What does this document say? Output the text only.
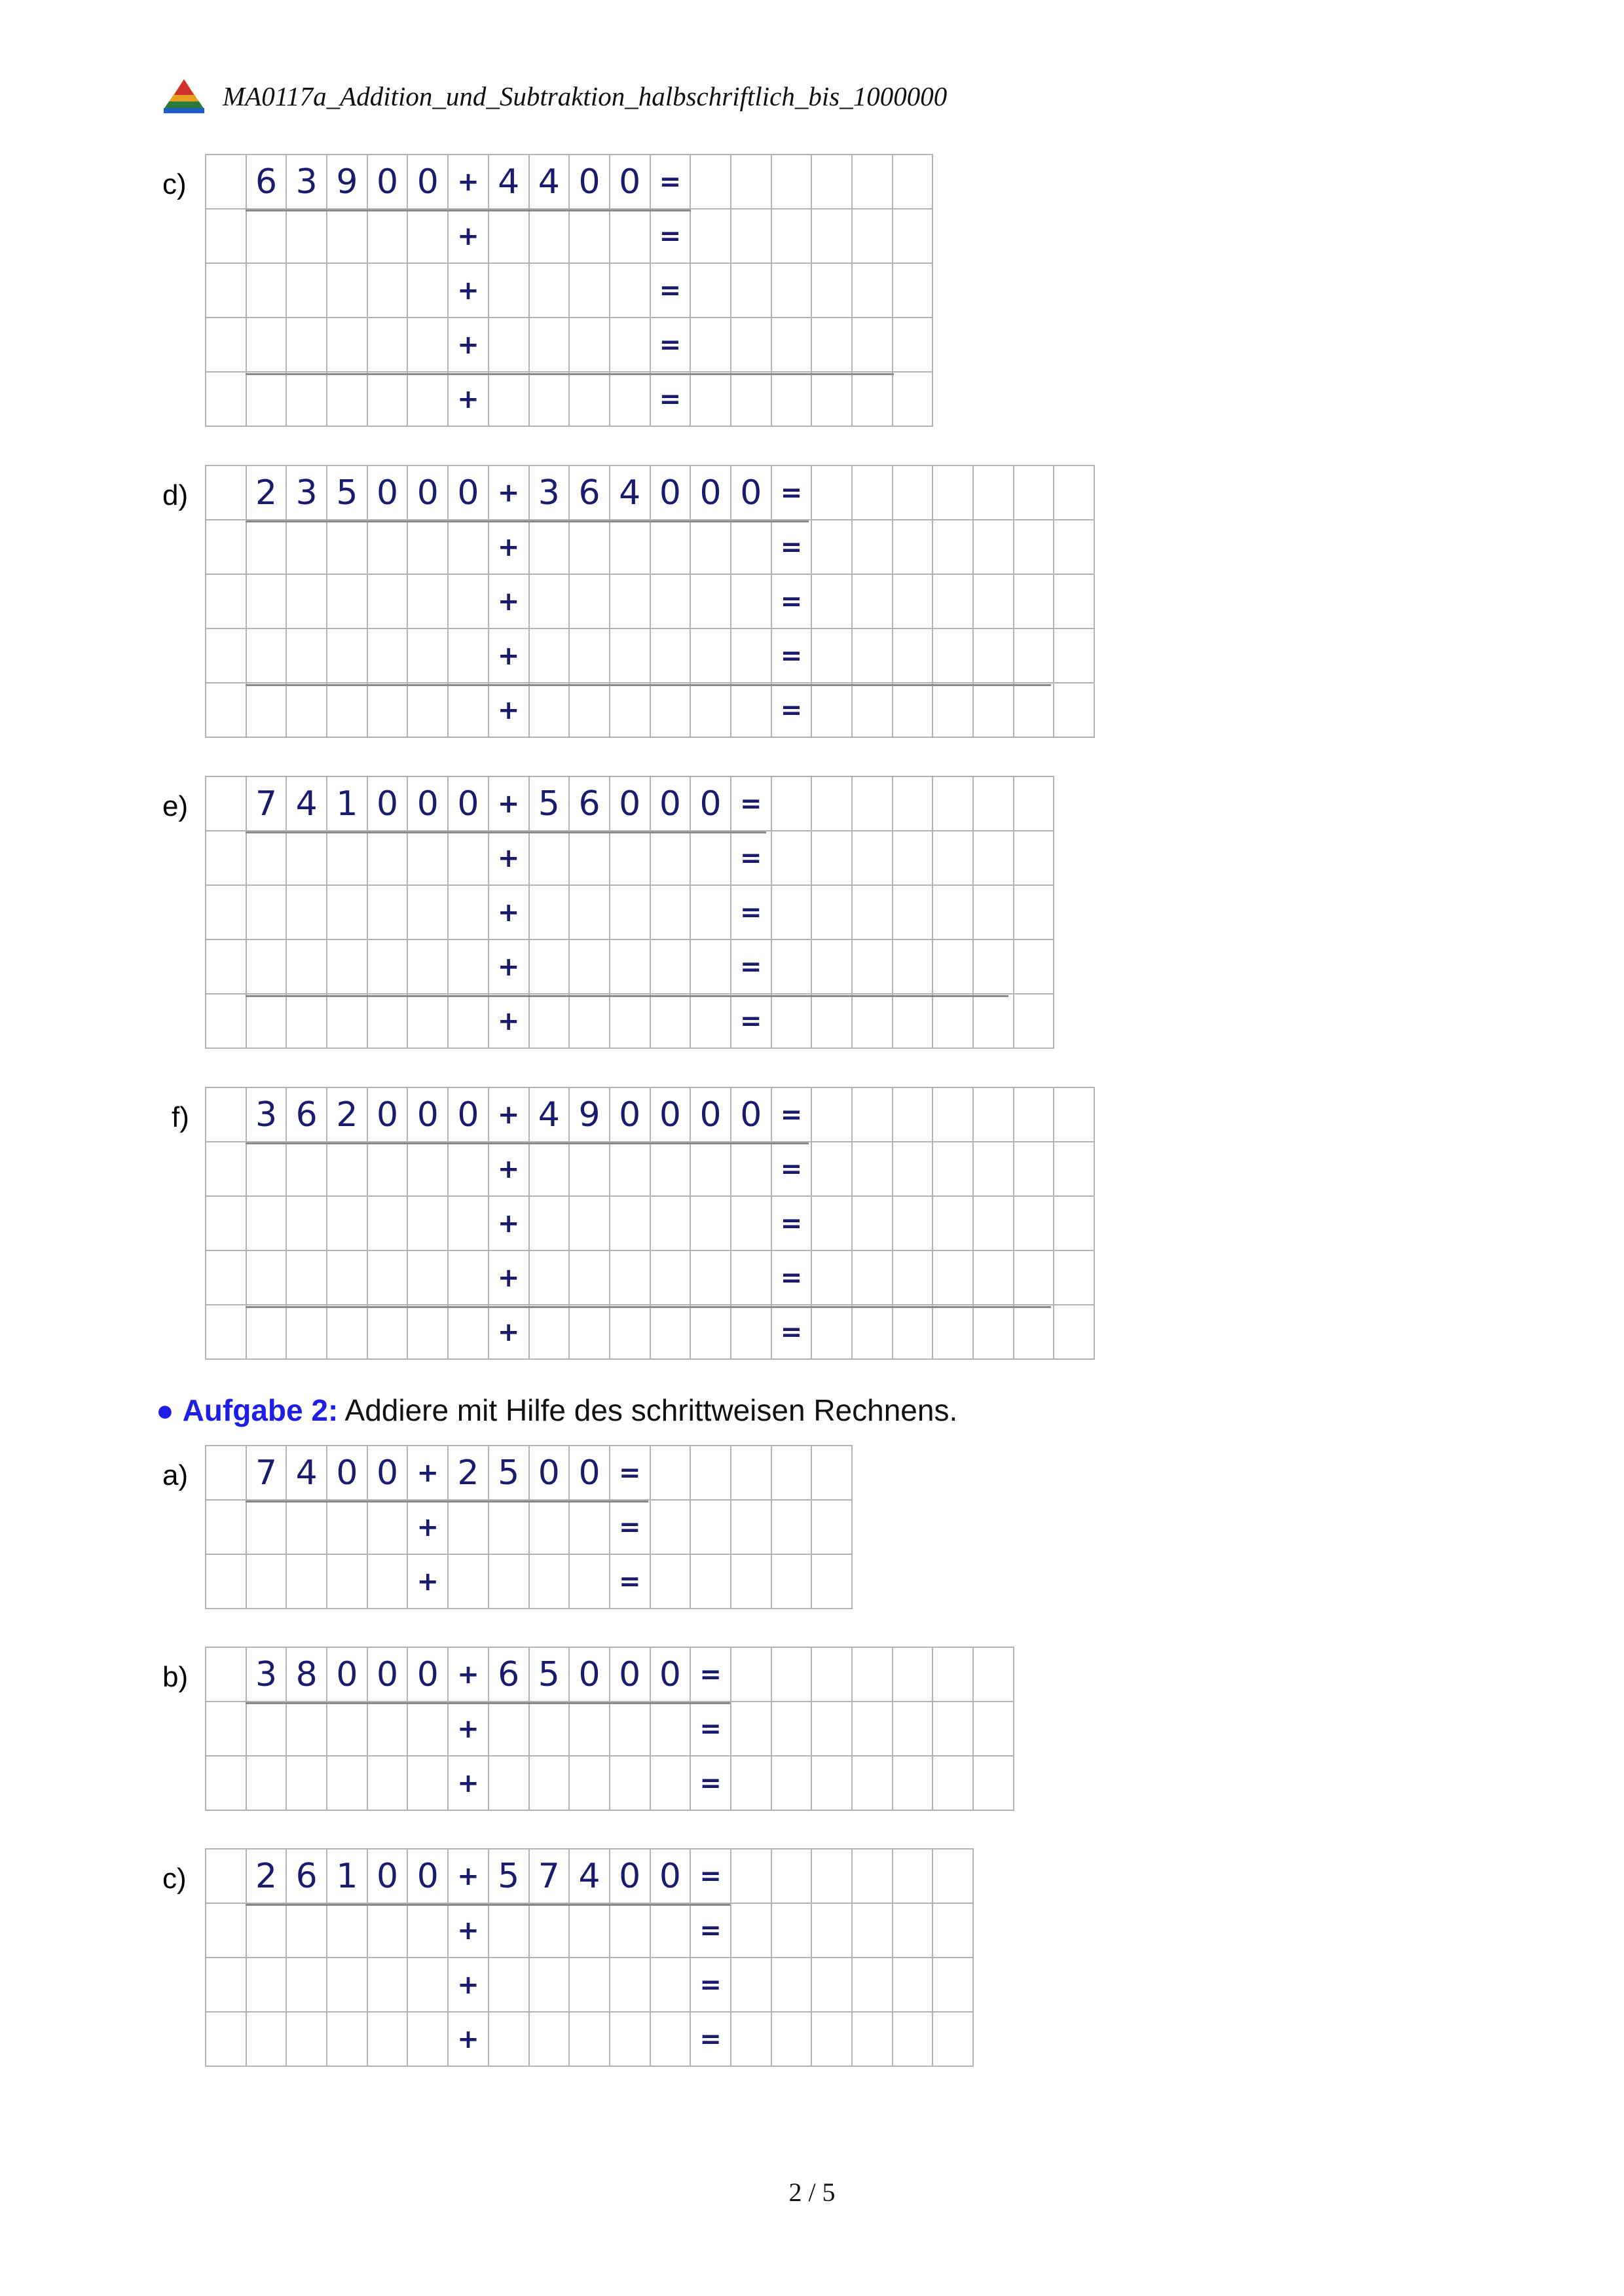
MA0117a_Addition_und_Subtraktion_halbschriftlich_bis_1000000
c) 6 3 9 0 0 + 4 4 0 0 =
+	=
+	=
+	=
+	=
d) 2 3 5 0 0 0 + 3 6 4 0 0 0 =
+	=
+	=
+	=
+	=
e) 7 4 1 0 0 0 + 5 6 0 0 0 =
+	=
+	=
+	=
+	=
f) 3 6 2 0 0 0 + 4 9 0 0 0 0 =
+	=
+	=
+	=
+	=
● Aufgabe 2: Addiere mit Hilfe des schrittweisen Rechnens.
a) 7 4 0 0 + 2 5 0 0 =
+	=
+	=
b) 3 8 0 0 0 + 6 5 0 0 0 =
+	=
+	=
c) 2 6 1 0 0 + 5 7 4 0 0 =
+	=
+	=
+	=
2 / 5
